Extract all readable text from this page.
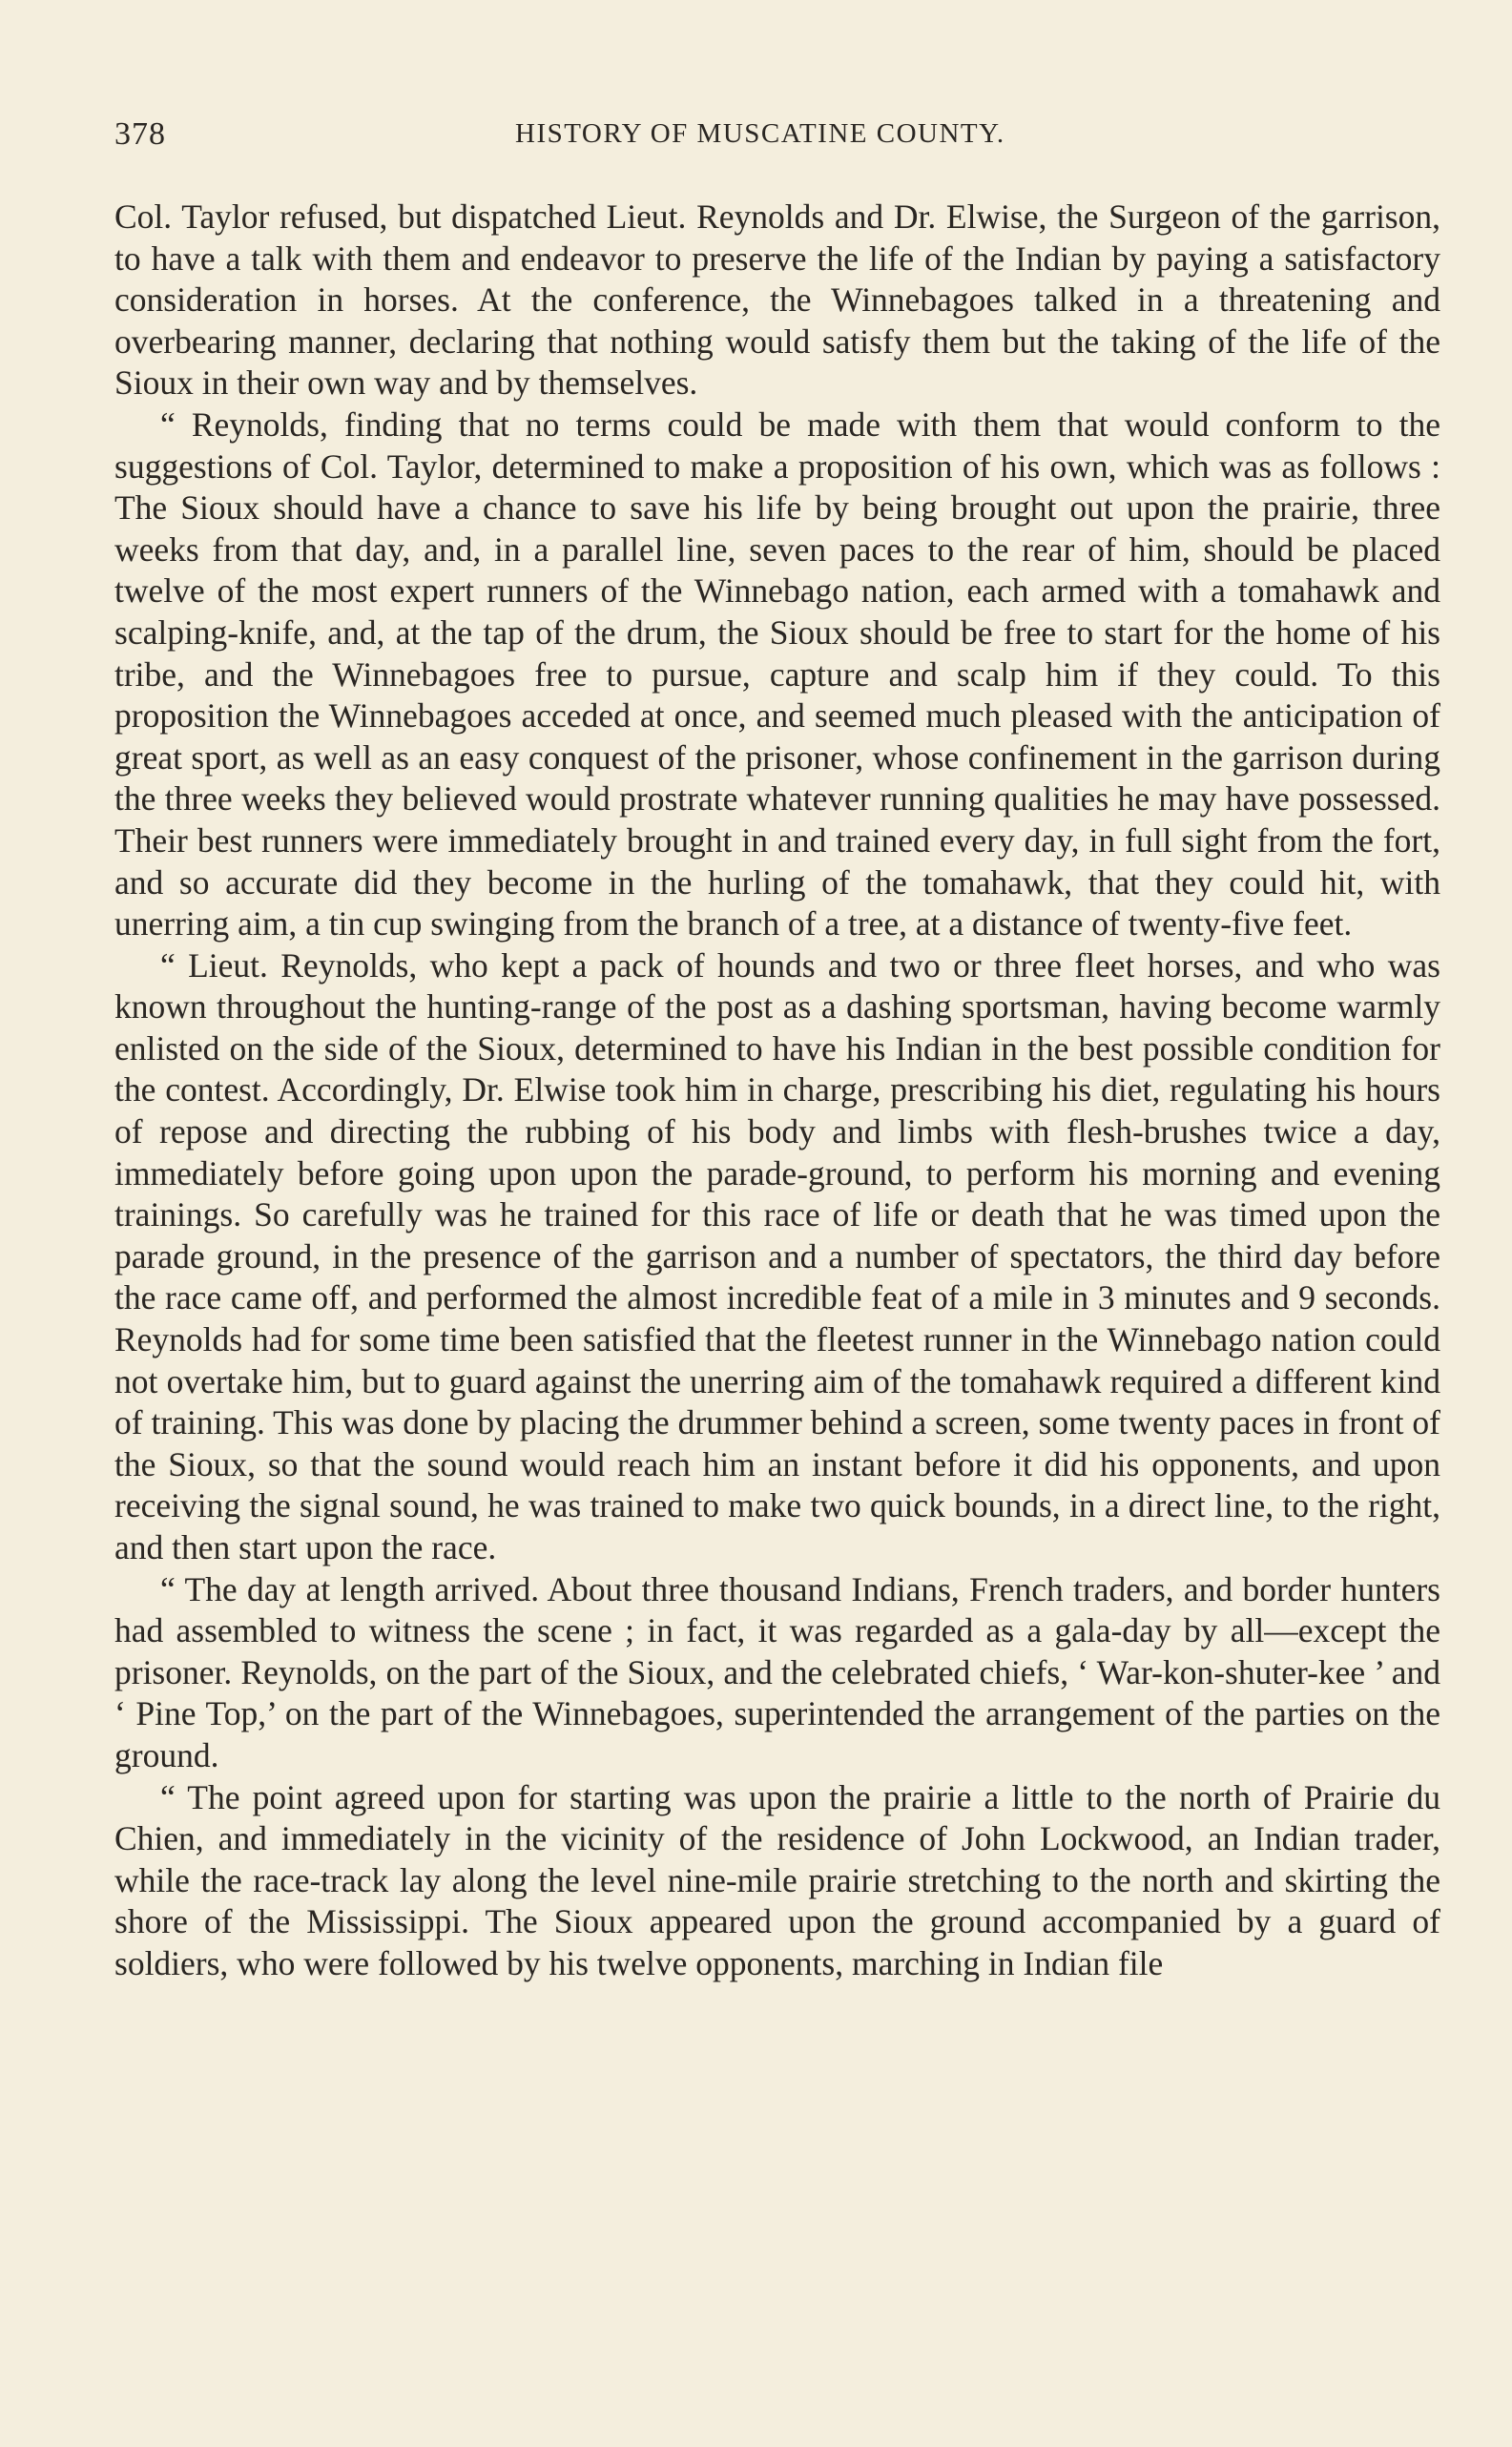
378	HISTORY OF MUSCATINE COUNTY.

Col. Taylor refused, but dispatched Lieut. Reynolds and Dr. Elwise, the Surgeon of the garrison, to have a talk with them and endeavor to preserve the life of the Indian by paying a satisfactory consideration in horses. At the conference, the Winnebagoes talked in a threatening and overbearing manner, declaring that nothing would satisfy them but the taking of the life of the Sioux in their own way and by themselves.

“ Reynolds, finding that no terms could be made with them that would conform to the suggestions of Col. Taylor, determined to make a proposition of his own, which was as follows : The Sioux should have a chance to save his life by being brought out upon the prairie, three weeks from that day, and, in a parallel line, seven paces to the rear of him, should be placed twelve of the most expert runners of the Winnebago nation, each armed with a tomahawk and scalping-knife, and, at the tap of the drum, the Sioux should be free to start for the home of his tribe, and the Winnebagoes free to pursue, capture and scalp him if they could. To this proposition the Winnebagoes acceded at once, and seemed much pleased with the anticipation of great sport, as well as an easy conquest of the prisoner, whose confinement in the garrison during the three weeks they believed would prostrate whatever running qualities he may have possessed. Their best runners were immediately brought in and trained every day, in full sight from the fort, and so accurate did they become in the hurling of the tomahawk, that they could hit, with unerring aim, a tin cup swinging from the branch of a tree, at a distance of twenty-five feet.

“ Lieut. Reynolds, who kept a pack of hounds and two or three fleet horses, and who was known throughout the hunting-range of the post as a dashing sportsman, having become warmly enlisted on the side of the Sioux, determined to have his Indian in the best possible condition for the contest. Accordingly, Dr. Elwise took him in charge, prescribing his diet, regulating his hours of repose and directing the rubbing of his body and limbs with flesh-brushes twice a day, immediately before going upon upon the parade-ground, to perform his morning and evening trainings. So carefully was he trained for this race of life or death that he was timed upon the parade ground, in the presence of the garrison and a number of spectators, the third day before the race came off, and performed the almost incredible feat of a mile in 3 minutes and 9 seconds. Reynolds had for some time been satisfied that the fleetest runner in the Winnebago nation could not overtake him, but to guard against the unerring aim of the tomahawk required a different kind of training. This was done by placing the drummer behind a screen, some twenty paces in front of the Sioux, so that the sound would reach him an instant before it did his opponents, and upon receiving the signal sound, he was trained to make two quick bounds, in a direct line, to the right, and then start upon the race.

“ The day at length arrived. About three thousand Indians, French traders, and border hunters had assembled to witness the scene ; in fact, it was regarded as a gala-day by all—except the prisoner. Reynolds, on the part of the Sioux, and the celebrated chiefs, ‘ War-kon-shuter-kee ’ and ‘ Pine Top,’ on the part of the Winnebagoes, superintended the arrangement of the parties on the ground.

“ The point agreed upon for starting was upon the prairie a little to the north of Prairie du Chien, and immediately in the vicinity of the residence of John Lockwood, an Indian trader, while the race-track lay along the level nine-mile prairie stretching to the north and skirting the shore of the Mississippi. The Sioux appeared upon the ground accompanied by a guard of soldiers, who were followed by his twelve opponents, marching in Indian file
